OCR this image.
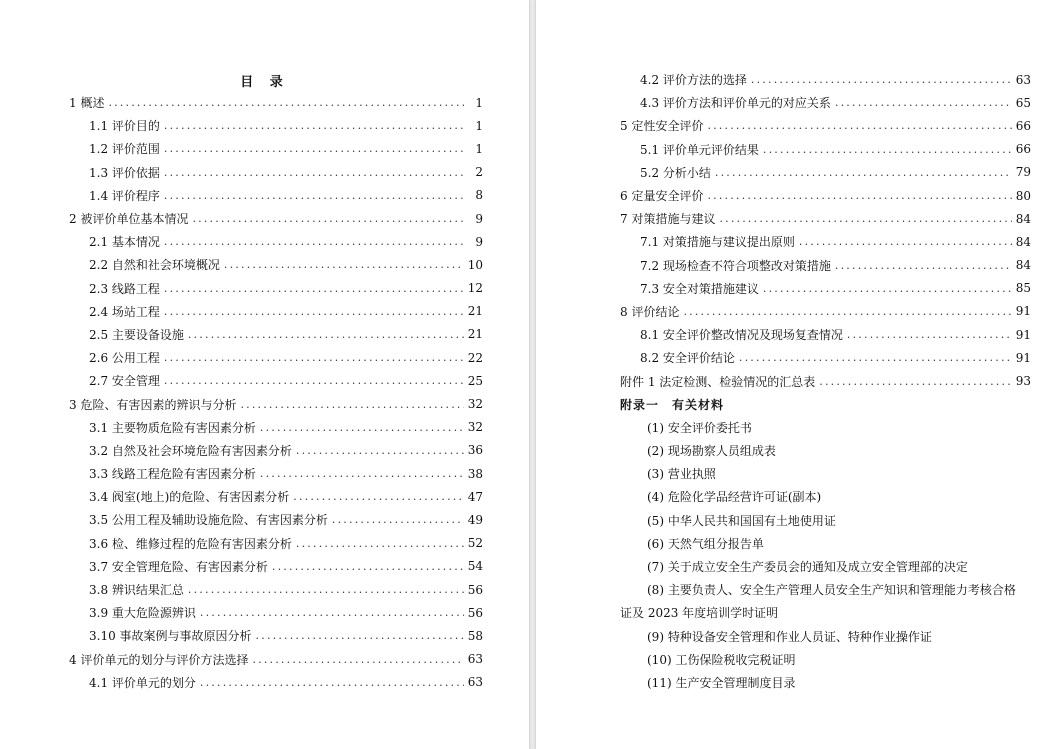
目 录
1 概述 .....	1
1.1 评价目的 .....	1
1.2 评价范围 .....	1
1.3 评价依据 .....	2
1.4 评价程序 .....	8
2 被评价单位基本情况 .....	9
2.1 基本情况 .....	9
2.2 自然和社会环境概况 .....	10
2.3 线路工程 .....	12
2.4 场站工程 .....	21
2.5 主要设备设施 .....	21
2.6 公用工程 .....	22
2.7 安全管理 .....	25
3 危险、有害因素的辨识与分析 .....	32
3.1 主要物质危险有害因素分析 .....	32
3.2 自然及社会环境危险有害因素分析 .....	36
3.3 线路工程危险有害因素分析 .....	38
3.4 阀室(地上)的危险、有害因素分析 .....	47
3.5 公用工程及辅助设施危险、有害因素分析 .....	49
3.6 检、维修过程的危险有害因素分析 .....	52
3.7 安全管理危险、有害因素分析 .....	54
3.8 辨识结果汇总 .....	56
3.9 重大危险源辨识 .....	56
3.10 事故案例与事故原因分析 .....	58
4 评价单元的划分与评价方法选择 .....	63
4.1 评价单元的划分 .....	63
4.2 评价方法的选择 .....	63
4.3 评价方法和评价单元的对应关系 .....	65
5 定性安全评价 .....	66
5.1 评价单元评价结果 .....	66
5.2 分析小结 .....	79
6 定量安全评价 .....	80
7 对策措施与建议 .....	84
7.1 对策措施与建议提出原则 .....	84
7.2 现场检查不符合项整改对策措施 .....	84
7.3 安全对策措施建议 .....	85
8 评价结论 .....	91
8.1 安全评价整改情况及现场复查情况 .....	91
8.2 安全评价结论 .....	91
附件 1 法定检测、检验情况的汇总表 .....	93
附录一　有关材料
(1) 安全评价委托书
(2) 现场勘察人员组成表
(3) 营业执照
(4) 危险化学品经营许可证(副本)
(5) 中华人民共和国国有土地使用证
(6) 天然气组分报告单
(7) 关于成立安全生产委员会的通知及成立安全管理部的决定
(8) 主要负责人、安全生产管理人员安全生产知识和管理能力考核合格
证及 2023 年度培训学时证明
(9) 特种设备安全管理和作业人员证、特种作业操作证
(10) 工伤保险税收完税证明
(11) 生产安全管理制度目录
